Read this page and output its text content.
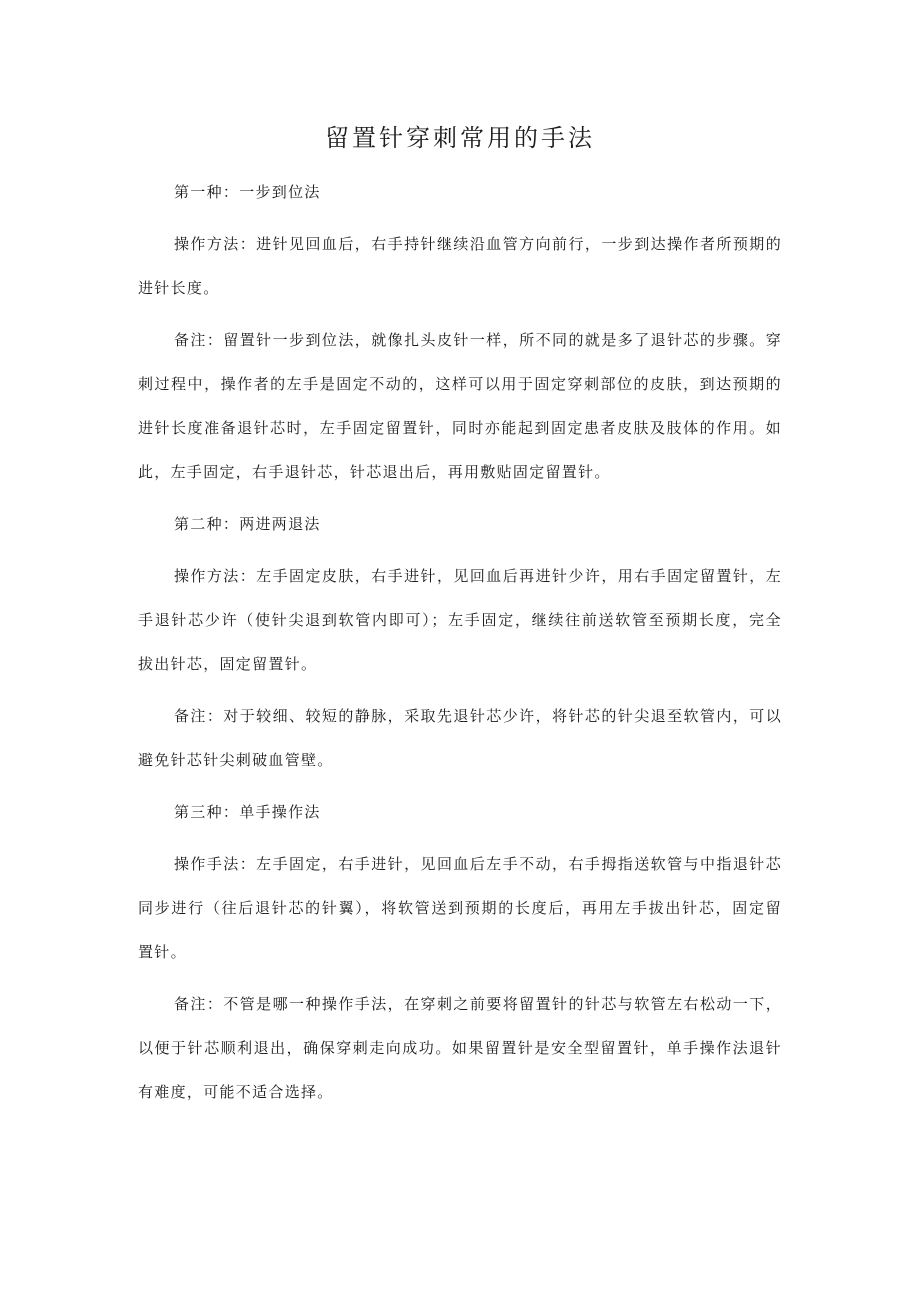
留置针穿刺常用的手法

第一种：一步到位法

操作方法：进针见回血后，右手持针继续沿血管方向前行，一步到达操作者所预期的进针长度。

备注：留置针一步到位法，就像扎头皮针一样，所不同的就是多了退针芯的步骤。穿刺过程中，操作者的左手是固定不动的，这样可以用于固定穿刺部位的皮肤，到达预期的进针长度准备退针芯时，左手固定留置针，同时亦能起到固定患者皮肤及肢体的作用。如此，左手固定，右手退针芯，针芯退出后，再用敷贴固定留置针。

第二种：两进两退法

操作方法：左手固定皮肤，右手进针，见回血后再进针少许，用右手固定留置针，左手退针芯少许（使针尖退到软管内即可）；左手固定，继续往前送软管至预期长度，完全拔出针芯，固定留置针。

备注：对于较细、较短的静脉，采取先退针芯少许，将针芯的针尖退至软管内，可以避免针芯针尖刺破血管壁。

第三种：单手操作法

操作手法：左手固定，右手进针，见回血后左手不动，右手拇指送软管与中指退针芯同步进行（往后退针芯的针翼），将软管送到预期的长度后，再用左手拔出针芯，固定留置针。

备注：不管是哪一种操作手法，在穿刺之前要将留置针的针芯与软管左右松动一下，以便于针芯顺利退出，确保穿刺走向成功。如果留置针是安全型留置针，单手操作法退针有难度，可能不适合选择。
